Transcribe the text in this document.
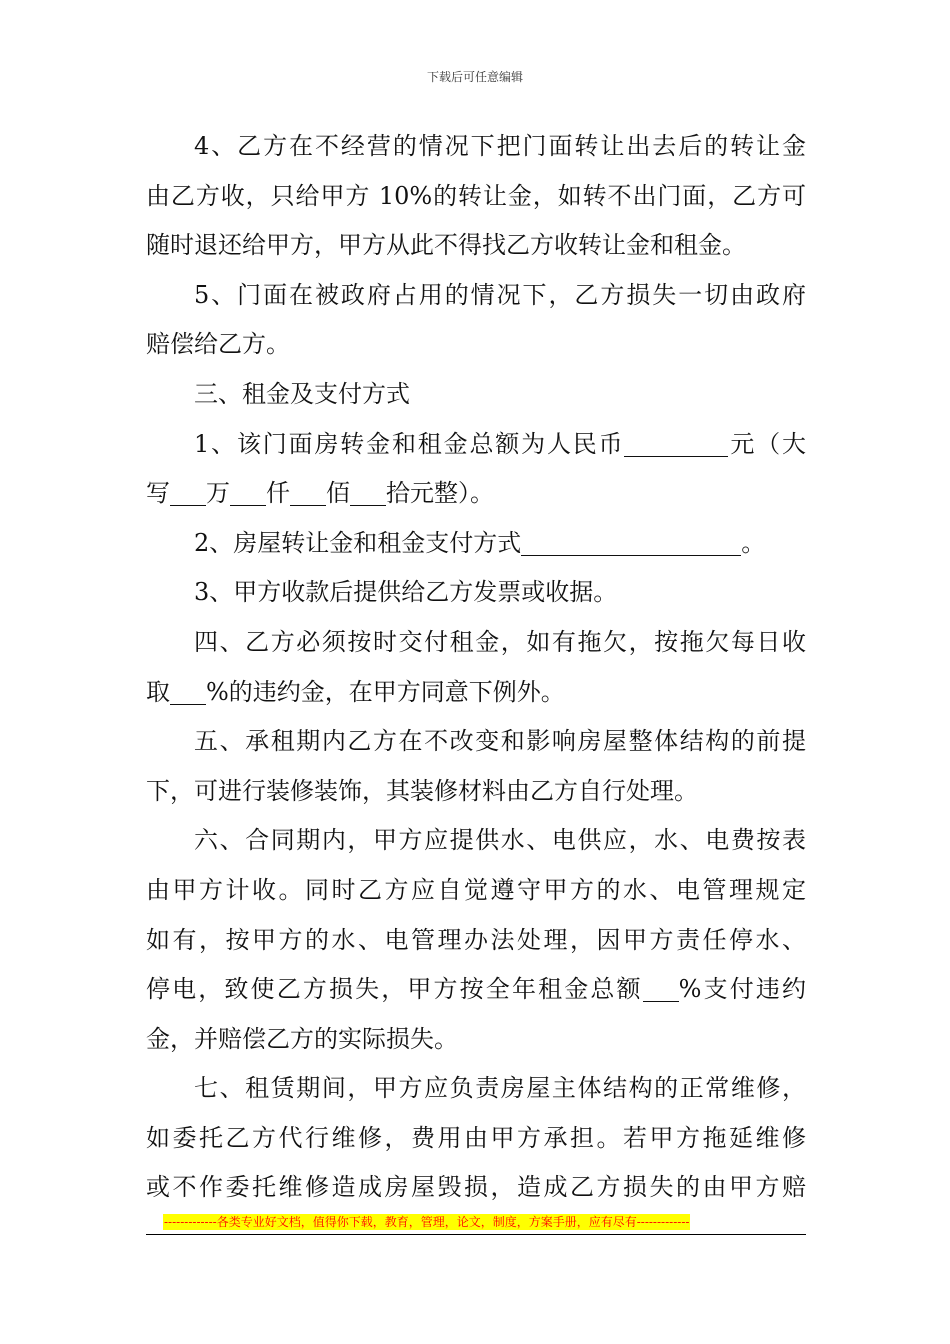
下载后可任意编辑
4、乙方在不经营的情况下把门面转让出去后的转让金
由乙方收，只给甲方 10%的转让金，如转不出门面，乙方可
随时退还给甲方，甲方从此不得找乙方收转让金和租金。
5、门面在被政府占用的情况下，乙方损失一切由政府
赔偿给乙方。
三、租金及支付方式
1、该门面房转金和租金总额为人民币	元（大
写 万 仟 佰 拾元整）。
2、房屋转让金和租金支付方式	。
3、甲方收款后提供给乙方发票或收据。
四、乙方必须按时交付租金，如有拖欠，按拖欠每日收
取 %的违约金，在甲方同意下例外。
五、承租期内乙方在不改变和影响房屋整体结构的前提
下，可进行装修装饰，其装修材料由乙方自行处理。
六、合同期内，甲方应提供水、电供应，水、电费按表
由甲方计收。同时乙方应自觉遵守甲方的水、电管理规定
如有，按甲方的水、电管理办法处理，因甲方责任停水、
停电，致使乙方损失，甲方按全年租金总额 %支付违约
金，并赔偿乙方的实际损失。
七、租赁期间，甲方应负责房屋主体结构的正常维修，
如委托乙方代行维修，费用由甲方承担。若甲方拖延维修
或不作委托维修造成房屋毁损，造成乙方损失的由甲方赔
-------------各类专业好文档，值得你下载，教育，管理，论文，制度，方案手册，应有尽有-------------
